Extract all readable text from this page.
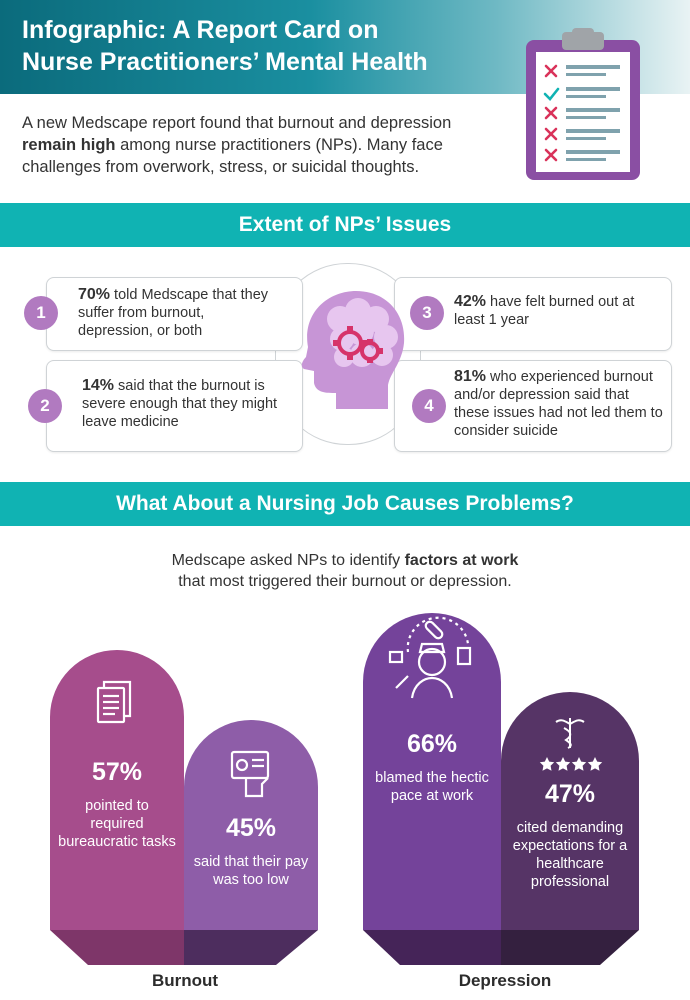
Infographic: A Report Card on
Nurse Practitioners’ Mental Health
A new Medscape report found that burnout and depression remain high among nurse practitioners (NPs). Many face challenges from overwork, stress, or suicidal thoughts.
Extent of NPs’ Issues
1
2
3
4
70% told Medscape that they suffer from burnout, depression, or both
14% said that the burnout is severe enough that they might leave medicine
42% have felt burned out at least 1 year
81% who experienced burnout and/or depression said that these issues had not led them to consider suicide
What About a Nursing Job Causes Problems?
Medscape asked NPs to identify factors at work
that most triggered their burnout or depression.
57%
pointed to required bureaucratic tasks	45%
said that their pay was too low
66%
blamed the hectic pace at work	47%
cited demanding expectations for a healthcare professional
Burnout	Depression
